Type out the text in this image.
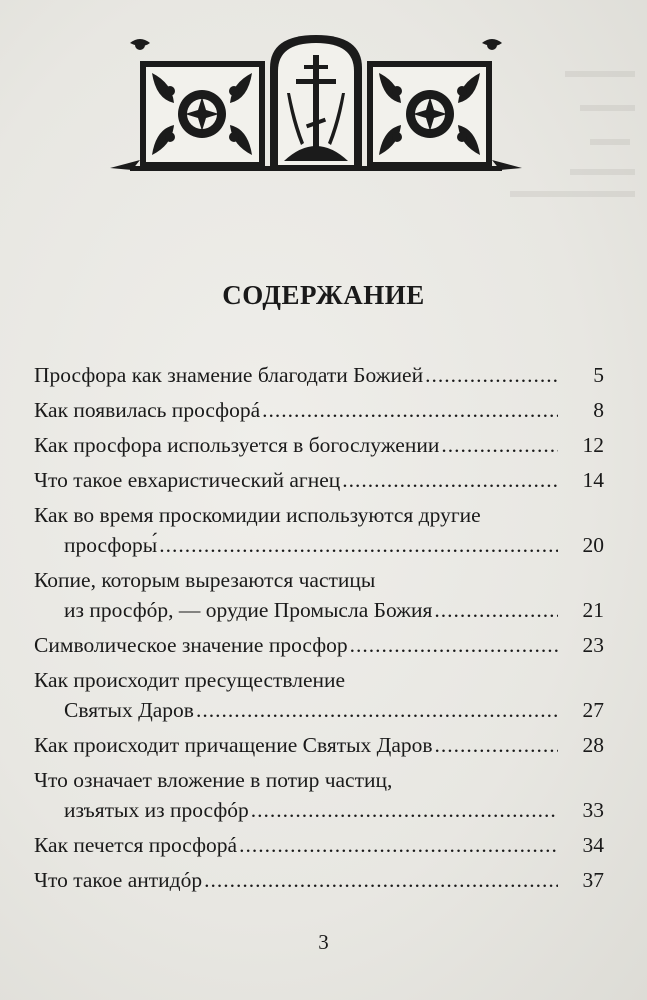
СОДЕРЖАНИЕ
Просфора как знамение благодати Божией .....	5
Как появилась просфорá .....	8
Как просфора используется в богослужении .....	12
Что такое евхаристический агнец .....	14
Как во время проскомидии используются другие
просфоры́ .....	20
Копие, которым вырезаются частицы
из просфóр, — орудие Промысла Божия .....	21
Символическое значение просфор .....	23
Как происходит пресуществление
Святых Даров .....	27
Как происходит причащение Святых Даров .....	28
Что означает вложение в потир частиц,
изъятых из просфóр .....	33
Как печется просфорá .....	34
Что такое антидóр .....	37
3
